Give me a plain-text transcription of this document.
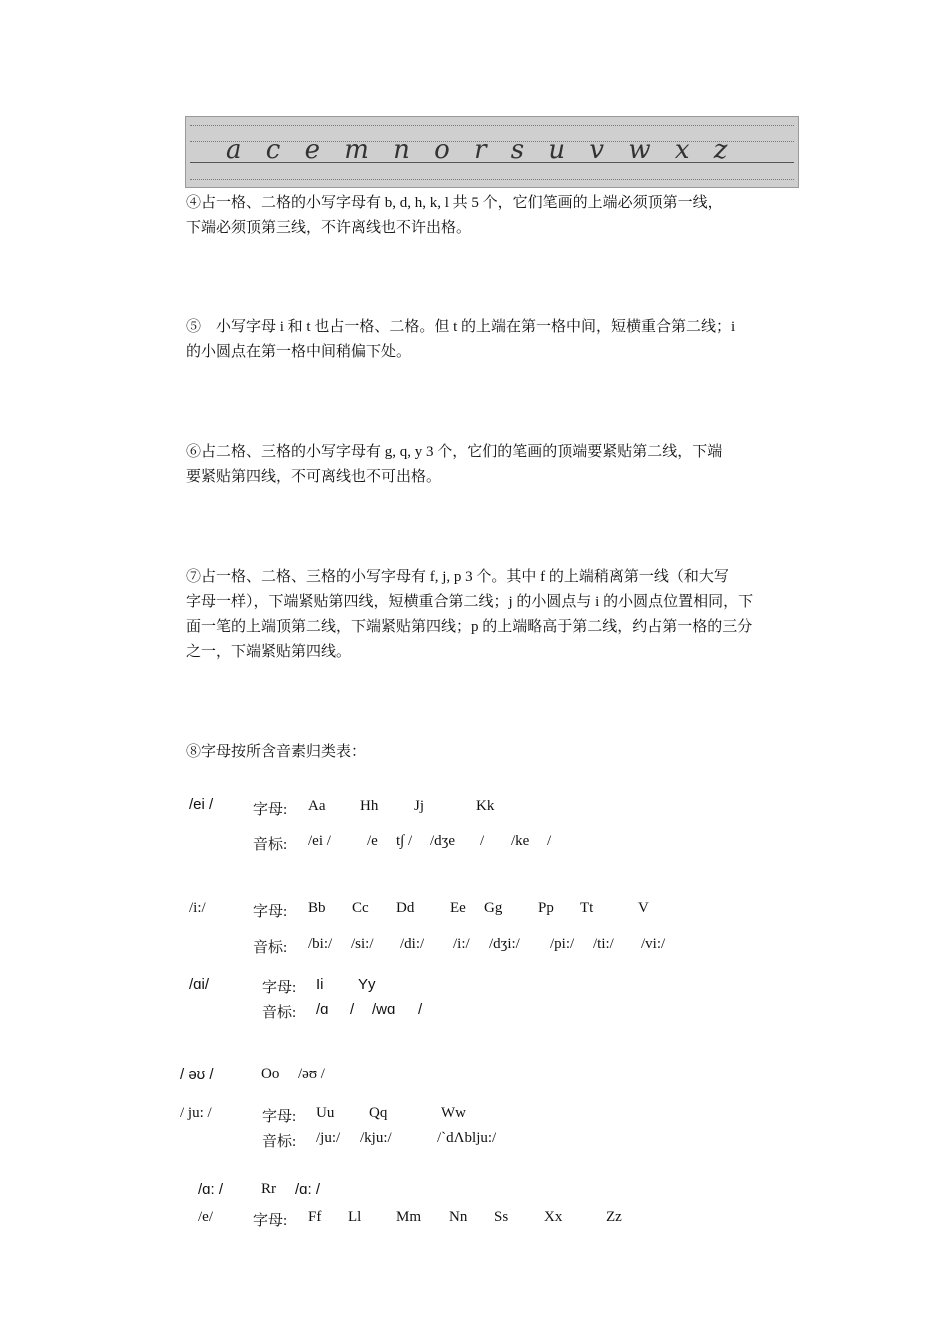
a c e m n o r s u v w x z
④占一格、二格的小写字母有 b, d, h, k, l 共 5 个，它们笔画的上端必须顶第一线，
下端必须顶第三线，不许离线也不许出格。
⑤　小写字母 i 和 t 也占一格、二格。但 t 的上端在第一格中间，短横重合第二线；i
的小圆点在第一格中间稍偏下处。
⑥占二格、三格的小写字母有 g, q, y 3 个，它们的笔画的顶端要紧贴第二线，下端
要紧贴第四线，不可离线也不可出格。
⑦占一格、二格、三格的小写字母有 f, j, p 3 个。其中 f 的上端稍离第一线（和大写
字母一样），下端紧贴第四线，短横重合第二线；j 的小圆点与 i 的小圆点位置相同，下
面一笔的上端顶第二线，下端紧贴第四线；p 的上端略高于第二线，约占第一格的三分
之一，下端紧贴第四线。
⑧字母按所含音素归类表：
/ei /	字母: Aa Hh Jj	Kk
音标: /ei / /e t∫ / /dʒe / /ke /
/i:/	字母: Bb Cc Dd Ee Gg Pp Tt	V
音标: /bi:/ /si:/ /di:/ /i:/ /dʒi:/ /pi:/ /ti:/ /vi:/
/ɑi/	字母: Ii Yy
音标: /ɑ / /wɑ /
/ əʊ /	Oo /əʊ /
/ ju: /	字母: Uu Qq	Ww
音标: /ju:/ /kju:/	/`dΛblju:/
/ɑ: /	Rr /ɑ: /
/e/	字母: Ff Ll Mm Nn Ss Xx	Zz
